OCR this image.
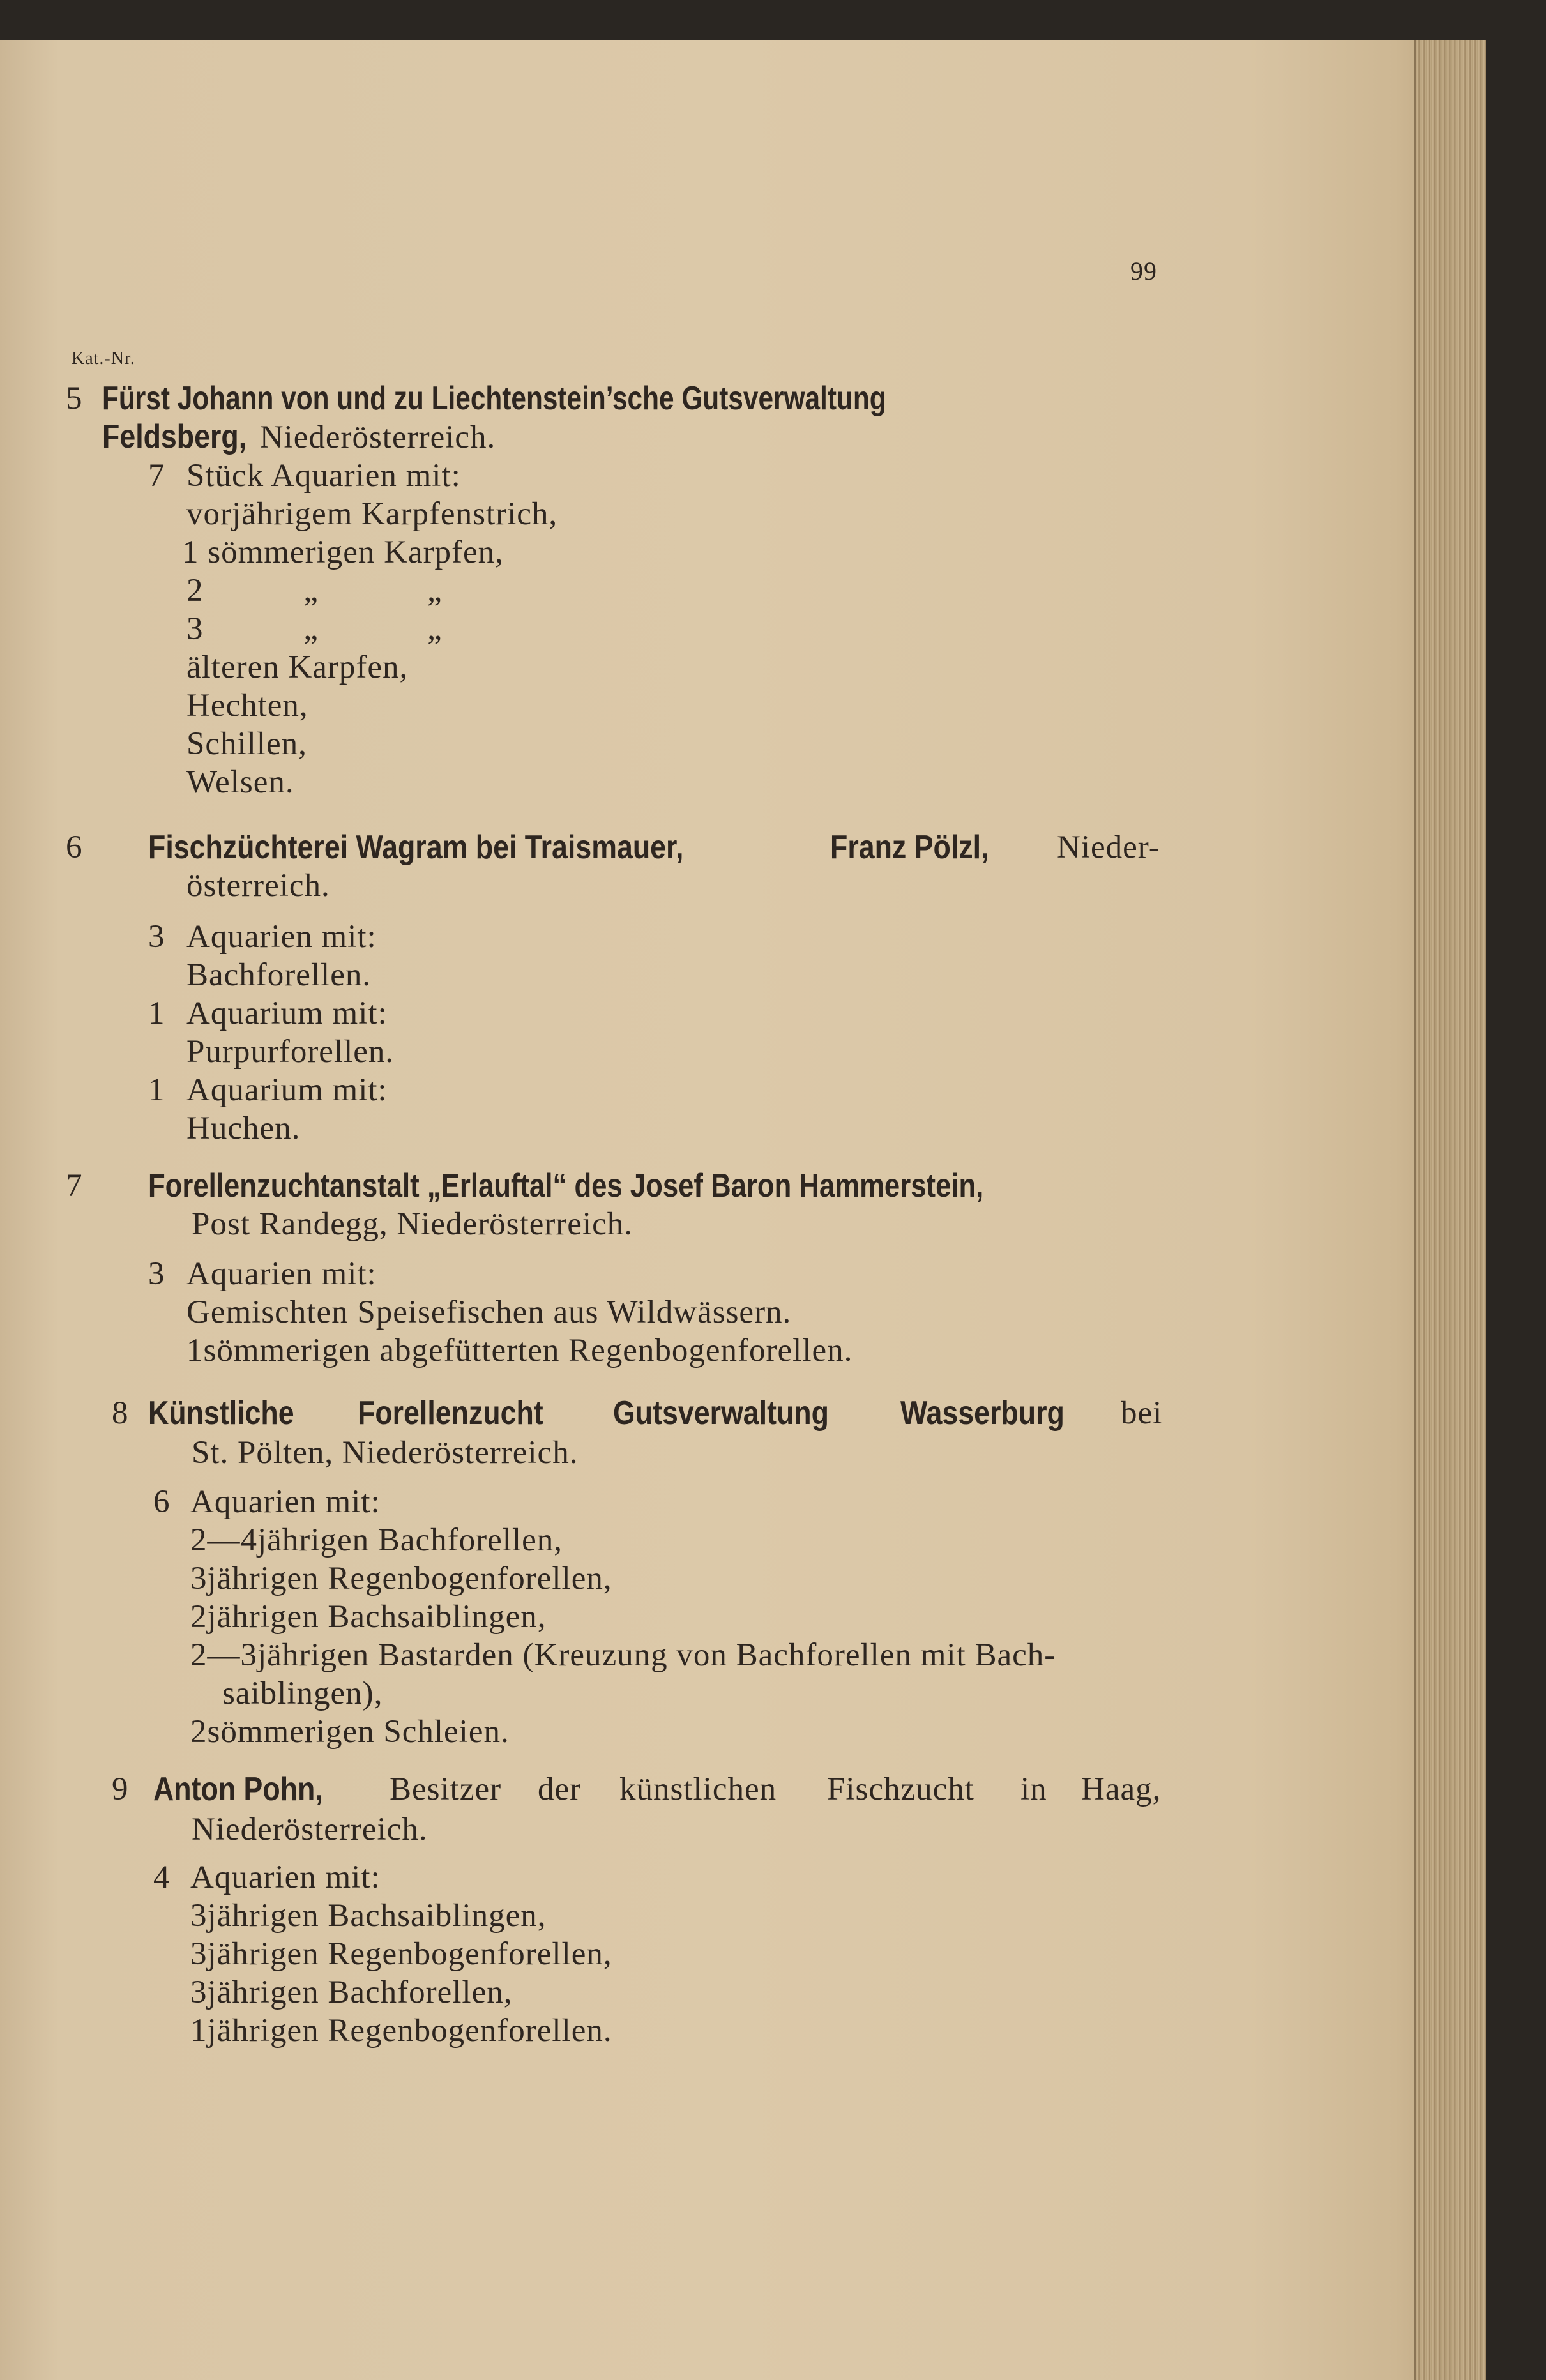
99
Kat.-Nr.
5 Fürst Johann von und zu Liechtenstein’sche Gutsverwaltung
Feldsberg, Niederösterreich.
7 Stück Aquarien mit:
vorjährigem Karpfenstrich,
1 sömmerigen Karpfen,
2	„	„
3	„	„
älteren Karpfen,
Hechten,
Schillen,
Welsen.
6 Fischzüchterei Wagram bei Traismauer,	Franz Pölzl, Nieder-
österreich.
3 Aquarien mit:
Bachforellen.
1 Aquarium mit:
Purpurforellen.
1 Aquarium mit:
Huchen.
7 Forellenzuchtanstalt „Erlauftal“ des Josef Baron Hammerstein,
Post Randegg, Niederösterreich.
3 Aquarien mit:
Gemischten Speisefischen aus Wildwässern.
1sömmerigen abgefütterten Regenbogenforellen.
8 Künstliche Forellenzucht Gutsverwaltung Wasserburg bei
St. Pölten, Niederösterreich.
6 Aquarien mit:
2—4jährigen Bachforellen,
3jährigen Regenbogenforellen,
2jährigen Bachsaiblingen,
2—3jährigen Bastarden (Kreuzung von Bachforellen mit Bach-
saiblingen),
2sömmerigen Schleien.
9 Anton Pohn, Besitzer der künstlichen Fischzucht in Haag,
Niederösterreich.
4 Aquarien mit:
3jährigen Bachsaiblingen,
3jährigen Regenbogenforellen,
3jährigen Bachforellen,
1jährigen Regenbogenforellen.
